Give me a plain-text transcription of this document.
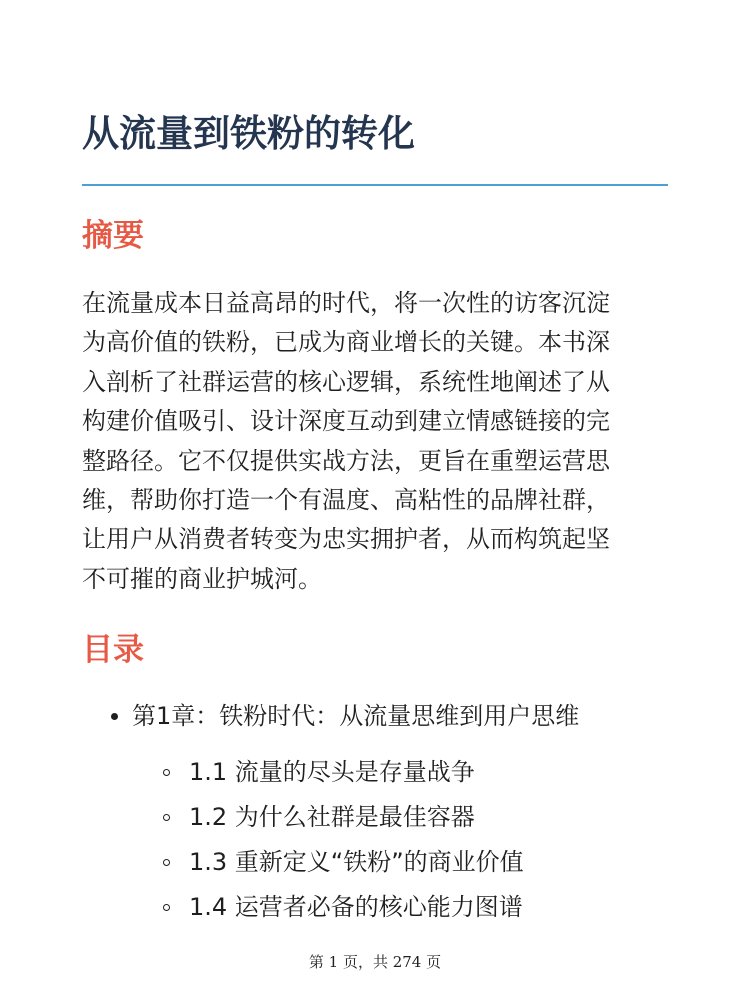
从流量到铁粉的转化
摘要
在流量成本日益高昂的时代，将一次性的访客沉淀
为高价值的铁粉，已成为商业增长的关键。本书深
入剖析了社群运营的核心逻辑，系统性地阐述了从
构建价值吸引、设计深度互动到建立情感链接的完
整路径。它不仅提供实战方法，更旨在重塑运营思
维，帮助你打造一个有温度、高粘性的品牌社群，
让用户从消费者转变为忠实拥护者，从而构筑起坚
不可摧的商业护城河。
目录
第1章：铁粉时代：从流量思维到用户思维
1.1 流量的尽头是存量战争
1.2 为什么社群是最佳容器
1.3 重新定义“铁粉”的商业价值
1.4 运营者必备的核心能力图谱
第 1 页，共 274 页
